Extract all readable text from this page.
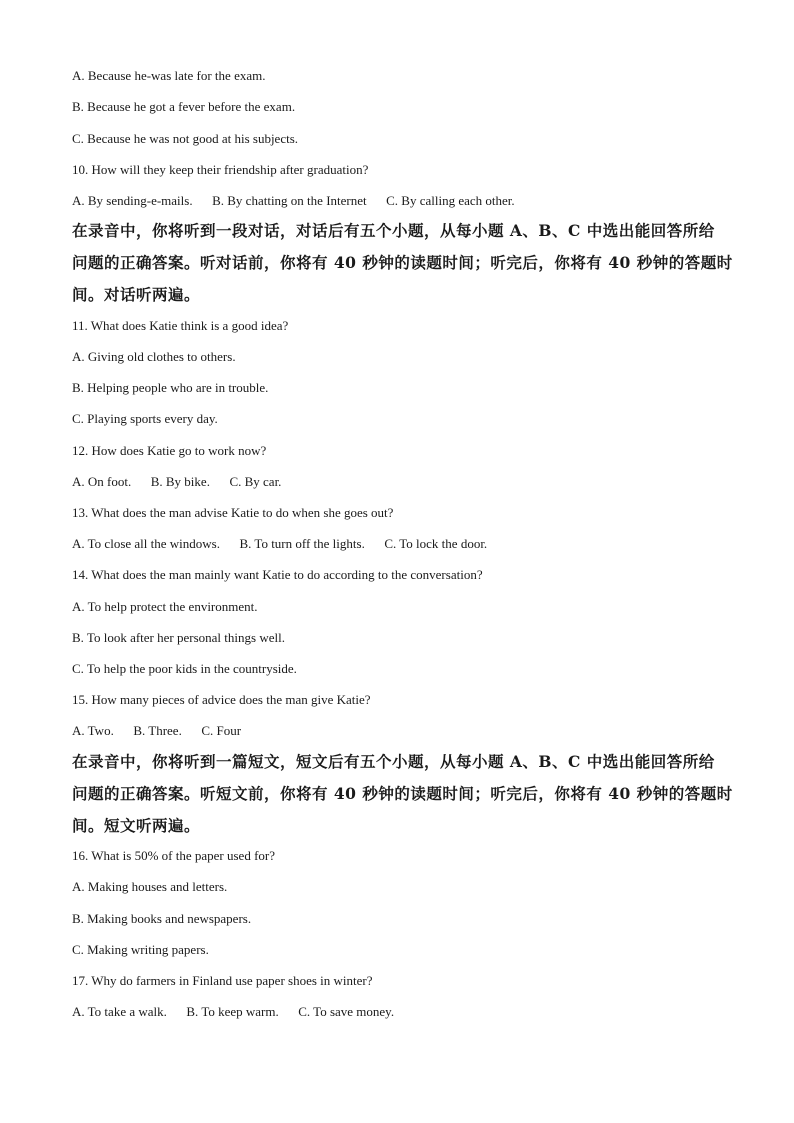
A. Because he-was late for the exam.
B. Because he got a fever before the exam.
C. Because he was not good at his subjects.
10. How will they keep their friendship after graduation?
A. By sending-e-mails.      B. By chatting on the Internet      C. By calling each other.
在录音中，你将听到一段对话，对话后有五个小题，从每小题 A、B、C 中选出能回答所给
问题的正确答案。听对话前，你将有 40 秒钟的读题时间；听完后，你将有 40 秒钟的答题时
间。对话听两遍。
11. What does Katie think is a good idea?
A. Giving old clothes to others.
B. Helping people who are in trouble.
C. Playing sports every day.
12. How does Katie go to work now?
A. On foot.      B. By bike.      C. By car.
13. What does the man advise Katie to do when she goes out?
A. To close all the windows.      B. To turn off the lights.      C. To lock the door.
14. What does the man mainly want Katie to do according to the conversation?
A. To help protect the environment.
B. To look after her personal things well.
C. To help the poor kids in the countryside.
15. How many pieces of advice does the man give Katie?
A. Two.      B. Three.      C. Four
在录音中，你将听到一篇短文，短文后有五个小题，从每小题 A、B、C 中选出能回答所给
问题的正确答案。听短文前，你将有 40 秒钟的读题时间；听完后，你将有 40 秒钟的答题时
间。短文听两遍。
16. What is 50% of the paper used for?
A. Making houses and letters.
B. Making books and newspapers.
C. Making writing papers.
17. Why do farmers in Finland use paper shoes in winter?
A. To take a walk.      B. To keep warm.      C. To save money.
